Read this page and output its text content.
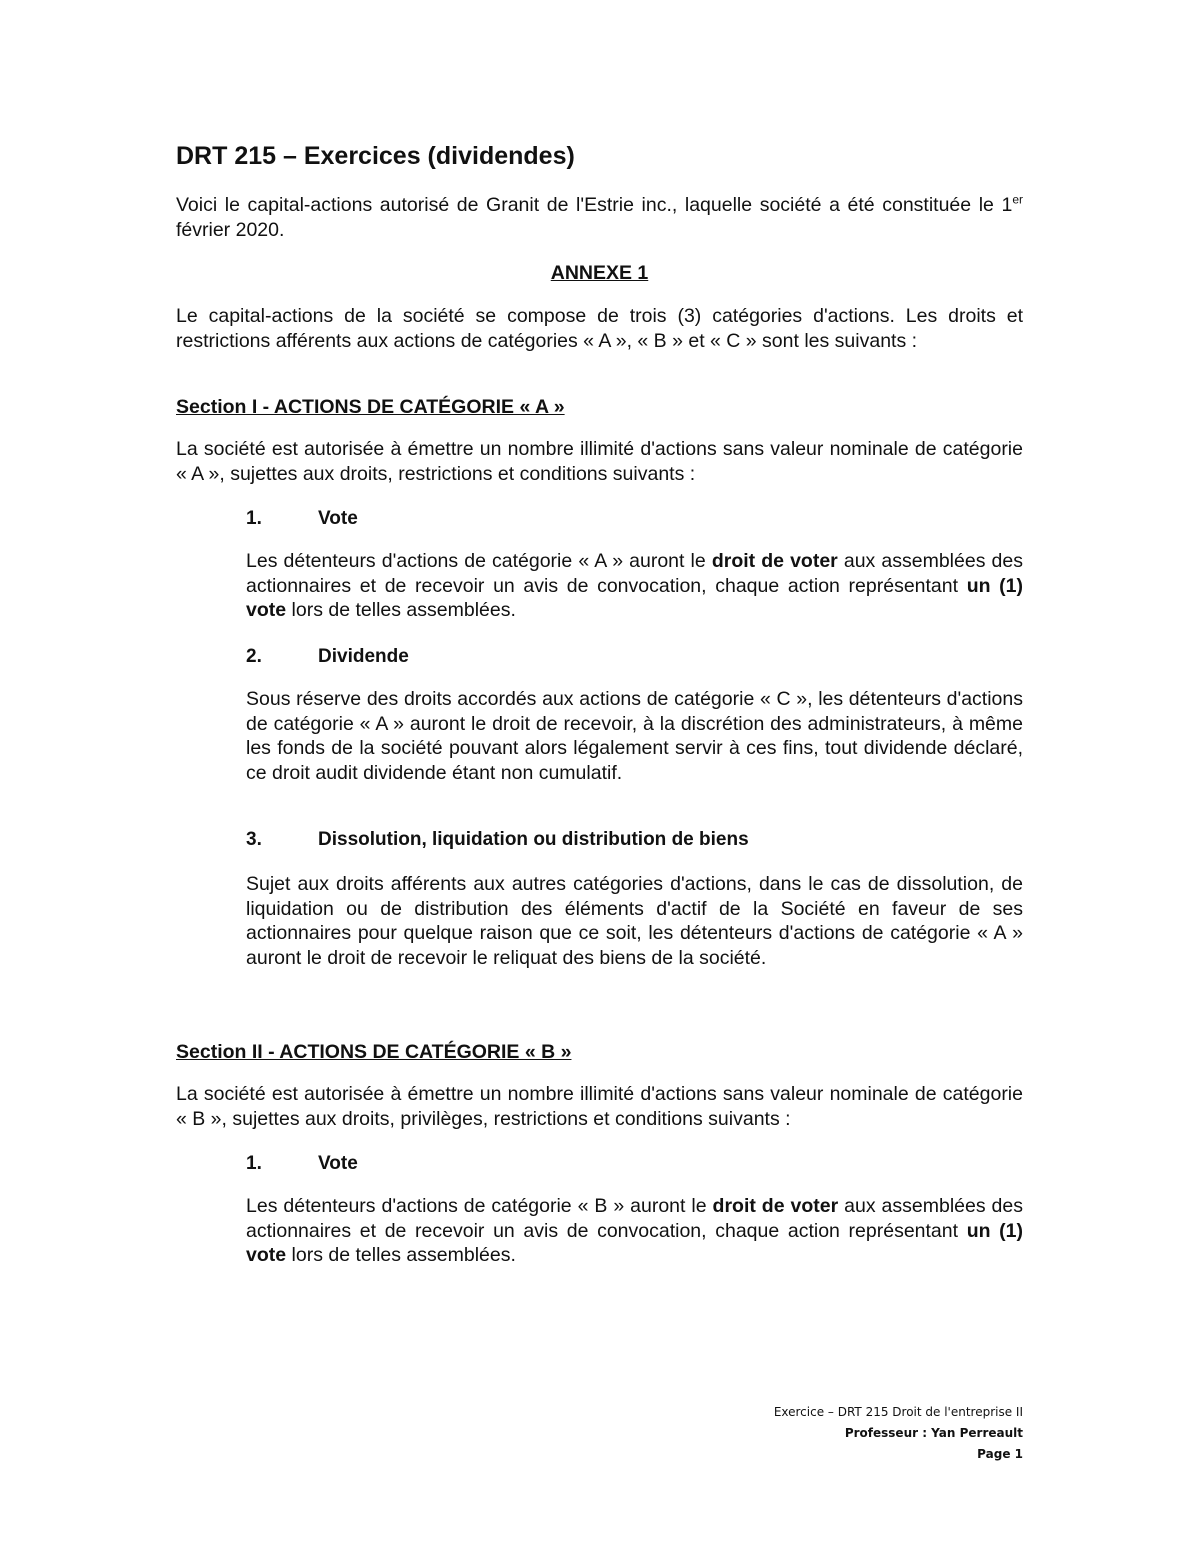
DRT 215 – Exercices (dividendes)

Voici le capital-actions autorisé de Granit de l'Estrie inc., laquelle société a été constituée le 1er février 2020.

ANNEXE 1

Le capital-actions de la société se compose de trois (3) catégories d'actions. Les droits et restrictions afférents aux actions de catégories « A », « B » et « C » sont les suivants :

Section I - ACTIONS DE CATÉGORIE « A »

La société est autorisée à émettre un nombre illimité d'actions sans valeur nominale de catégorie « A », sujettes aux droits, restrictions et conditions suivants :

1.	Vote

Les détenteurs d'actions de catégorie « A » auront le droit de voter aux assemblées des actionnaires et de recevoir un avis de convocation, chaque action représentant un (1) vote lors de telles assemblées.

2.	Dividende

Sous réserve des droits accordés aux actions de catégorie « C », les détenteurs d'actions de catégorie « A » auront le droit de recevoir, à la discrétion des administrateurs, à même les fonds de la société pouvant alors légalement servir à ces fins, tout dividende déclaré, ce droit audit dividende étant non cumulatif.

3.	Dissolution, liquidation ou distribution de biens

Sujet aux droits afférents aux autres catégories d'actions, dans le cas de dissolution, de liquidation ou de distribution des éléments d'actif de la Société en faveur de ses actionnaires pour quelque raison que ce soit, les détenteurs d'actions de catégorie « A » auront le droit de recevoir le reliquat des biens de la société.

Section II - ACTIONS DE CATÉGORIE « B »

La société est autorisée à émettre un nombre illimité d'actions sans valeur nominale de catégorie « B », sujettes aux droits, privilèges, restrictions et conditions suivants :

1.	Vote

Les détenteurs d'actions de catégorie « B » auront le droit de voter aux assemblées des actionnaires et de recevoir un avis de convocation, chaque action représentant un (1) vote lors de telles assemblées.

Exercice – DRT 215 Droit de l'entreprise II
Professeur : Yan Perreault
Page 1
